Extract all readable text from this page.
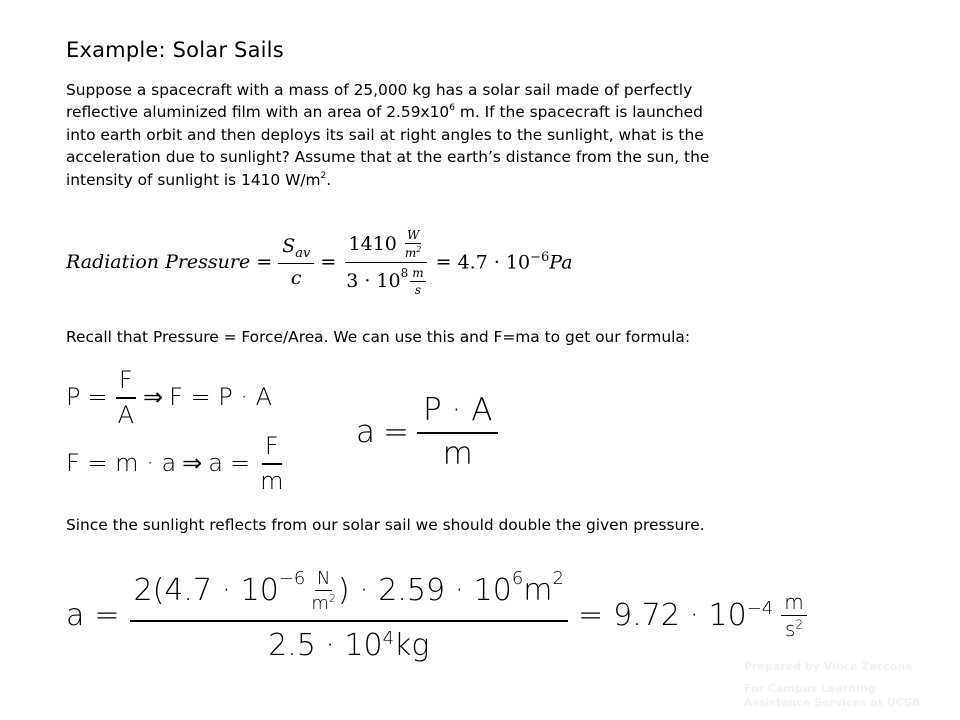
Example: Solar Sails
Suppose a spacecraft with a mass of 25,000 kg has a solar sail made of perfectly
reflective aluminized film with an area of $2.59x10^6$ m. If the spacecraft is launched
into earth orbit and then deploys its sail at right angles to the sunlight, what is the
acceleration due to sunlight? Assume that at the earth’s distance from the sun, the
intensity of sunlight is 1410 $W/m^2$.
Radiation Pressure = $\frac{S_{av}}{c} = \frac{1410 \frac{W}{m^2}}{3 \cdot 10^8 \frac{m}{s}} = 4.7 \cdot 10^{-6}Pa$
Recall that Pressure = Force/Area. We can use this and F=ma to get our formula:
$P = \frac{F}{A}$ ⇒ F = P · A
F = m · a ⇒ $a = \frac{F}{m}$ $a = \frac{P \cdot A}{m}$
Since the sunlight reflects from our solar sail we should double the given pressure.
a =
$2(4.7 \cdot 10^{-6} \frac{N}{m^2}$ ) · $2.59 \cdot 10^6$ $m^2$
$2.5 \cdot 10^4$ kg
= $9.72 \cdot 10^{-4} \frac{m}{s^2}$
Prepared by Vince Zaccone
For Campus Learning Assistance Services at UCSB
